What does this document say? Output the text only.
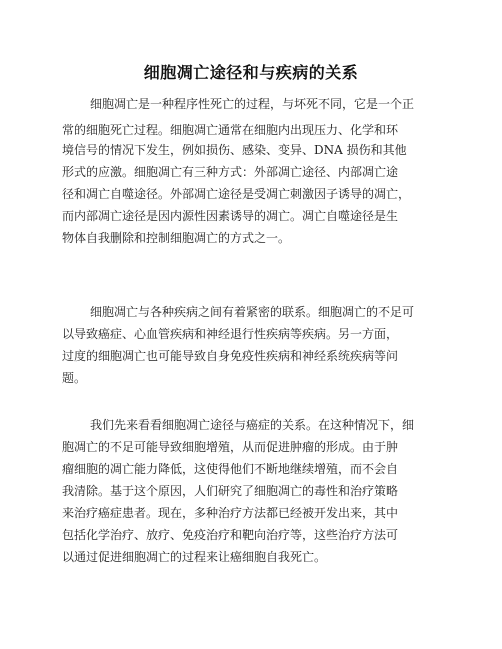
细胞凋亡途径和与疾病的关系
细胞凋亡是一种程序性死亡的过程，与坏死不同，它是一个正
常的细胞死亡过程。细胞凋亡通常在细胞内出现压力、化学和环
境信号的情况下发生，例如损伤、感染、变异、DNA 损伤和其他
形式的应激。细胞凋亡有三种方式：外部凋亡途径、内部凋亡途
径和凋亡自噬途径。外部凋亡途径是受凋亡刺激因子诱导的凋亡，
而内部凋亡途径是因内源性因素诱导的凋亡。凋亡自噬途径是生
物体自我删除和控制细胞凋亡的方式之一。
细胞凋亡与各种疾病之间有着紧密的联系。细胞凋亡的不足可
以导致癌症、心血管疾病和神经退行性疾病等疾病。另一方面，
过度的细胞凋亡也可能导致自身免疫性疾病和神经系统疾病等问
题。
我们先来看看细胞凋亡途径与癌症的关系。在这种情况下，细
胞凋亡的不足可能导致细胞增殖，从而促进肿瘤的形成。由于肿
瘤细胞的凋亡能力降低，这使得他们不断地继续增殖，而不会自
我清除。基于这个原因，人们研究了细胞凋亡的毒性和治疗策略
来治疗癌症患者。现在，多种治疗方法都已经被开发出来，其中
包括化学治疗、放疗、免疫治疗和靶向治疗等，这些治疗方法可
以通过促进细胞凋亡的过程来让癌细胞自我死亡。
